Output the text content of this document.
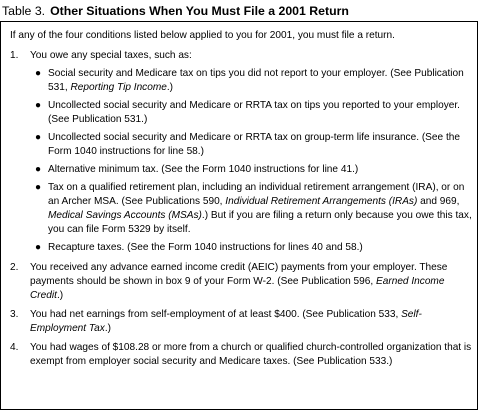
Table 3. Other Situations When You Must File a 2001 Return

If any of the four conditions listed below applied to you for 2001, you must file a return.

1. You owe any special taxes, such as:

● Social security and Medicare tax on tips you did not report to your employer. (See Publication 531, Reporting Tip Income.)
● Uncollected social security and Medicare or RRTA tax on tips you reported to your employer. (See Publication 531.)
● Uncollected social security and Medicare or RRTA tax on group-term life insurance. (See the Form 1040 instructions for line 58.)
● Alternative minimum tax. (See the Form 1040 instructions for line 41.)
● Tax on a qualified retirement plan, including an individual retirement arrangement (IRA), or on an Archer MSA. (See Publications 590, Individual Retirement Arrangements (IRAs) and 969, Medical Savings Accounts (MSAs).) But if you are filing a return only because you owe this tax, you can file Form 5329 by itself.
● Recapture taxes. (See the Form 1040 instructions for lines 40 and 58.)
2. You received any advance earned income credit (AEIC) payments from your employer. These payments should be shown in box 9 of your Form W-2. (See Publication 596, Earned Income Credit.)

3. You had net earnings from self-employment of at least $400. (See Publication 533, Self-Employment Tax.)

4. You had wages of $108.28 or more from a church or qualified church-controlled organization that is exempt from employer social security and Medicare taxes. (See Publication 533.)
